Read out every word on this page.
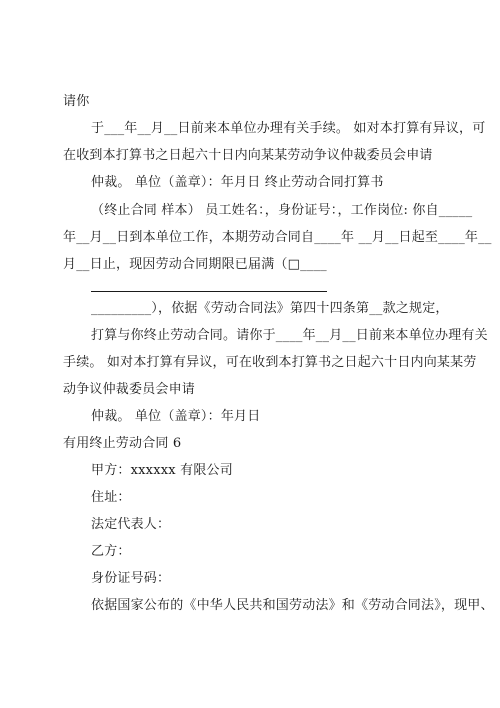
请你
于___年__月__日前来本单位办理有关手续。 如对本打算有异议，可
在收到本打算书之日起六十日内向某某劳动争议仲裁委员会申请
仲裁。 单位（盖章）：年月日 终止劳动合同打算书
（终止合同 样本） 员工姓名：，身份证号：，工作岗位: 你自_____
年__月__日到本单位工作，本期劳动合同自____年 __月__日起至____年__
月__日止，现因劳动合同期限已届满（□____
_________），依据《劳动合同法》第四十四条第__款之规定，
打算与你终止劳动合同。请你于____年__月__日前来本单位办理有关
手续。 如对本打算有异议，可在收到本打算书之日起六十日内向某某劳
动争议仲裁委员会申请
仲裁。 单位（盖章）：年月日
有用终止劳动合同 6
甲方：xxxxxx 有限公司
住址：
法定代表人：
乙方：
身份证号码：
依据国家公布的《中华人民共和国劳动法》和《劳动合同法》，现甲、
